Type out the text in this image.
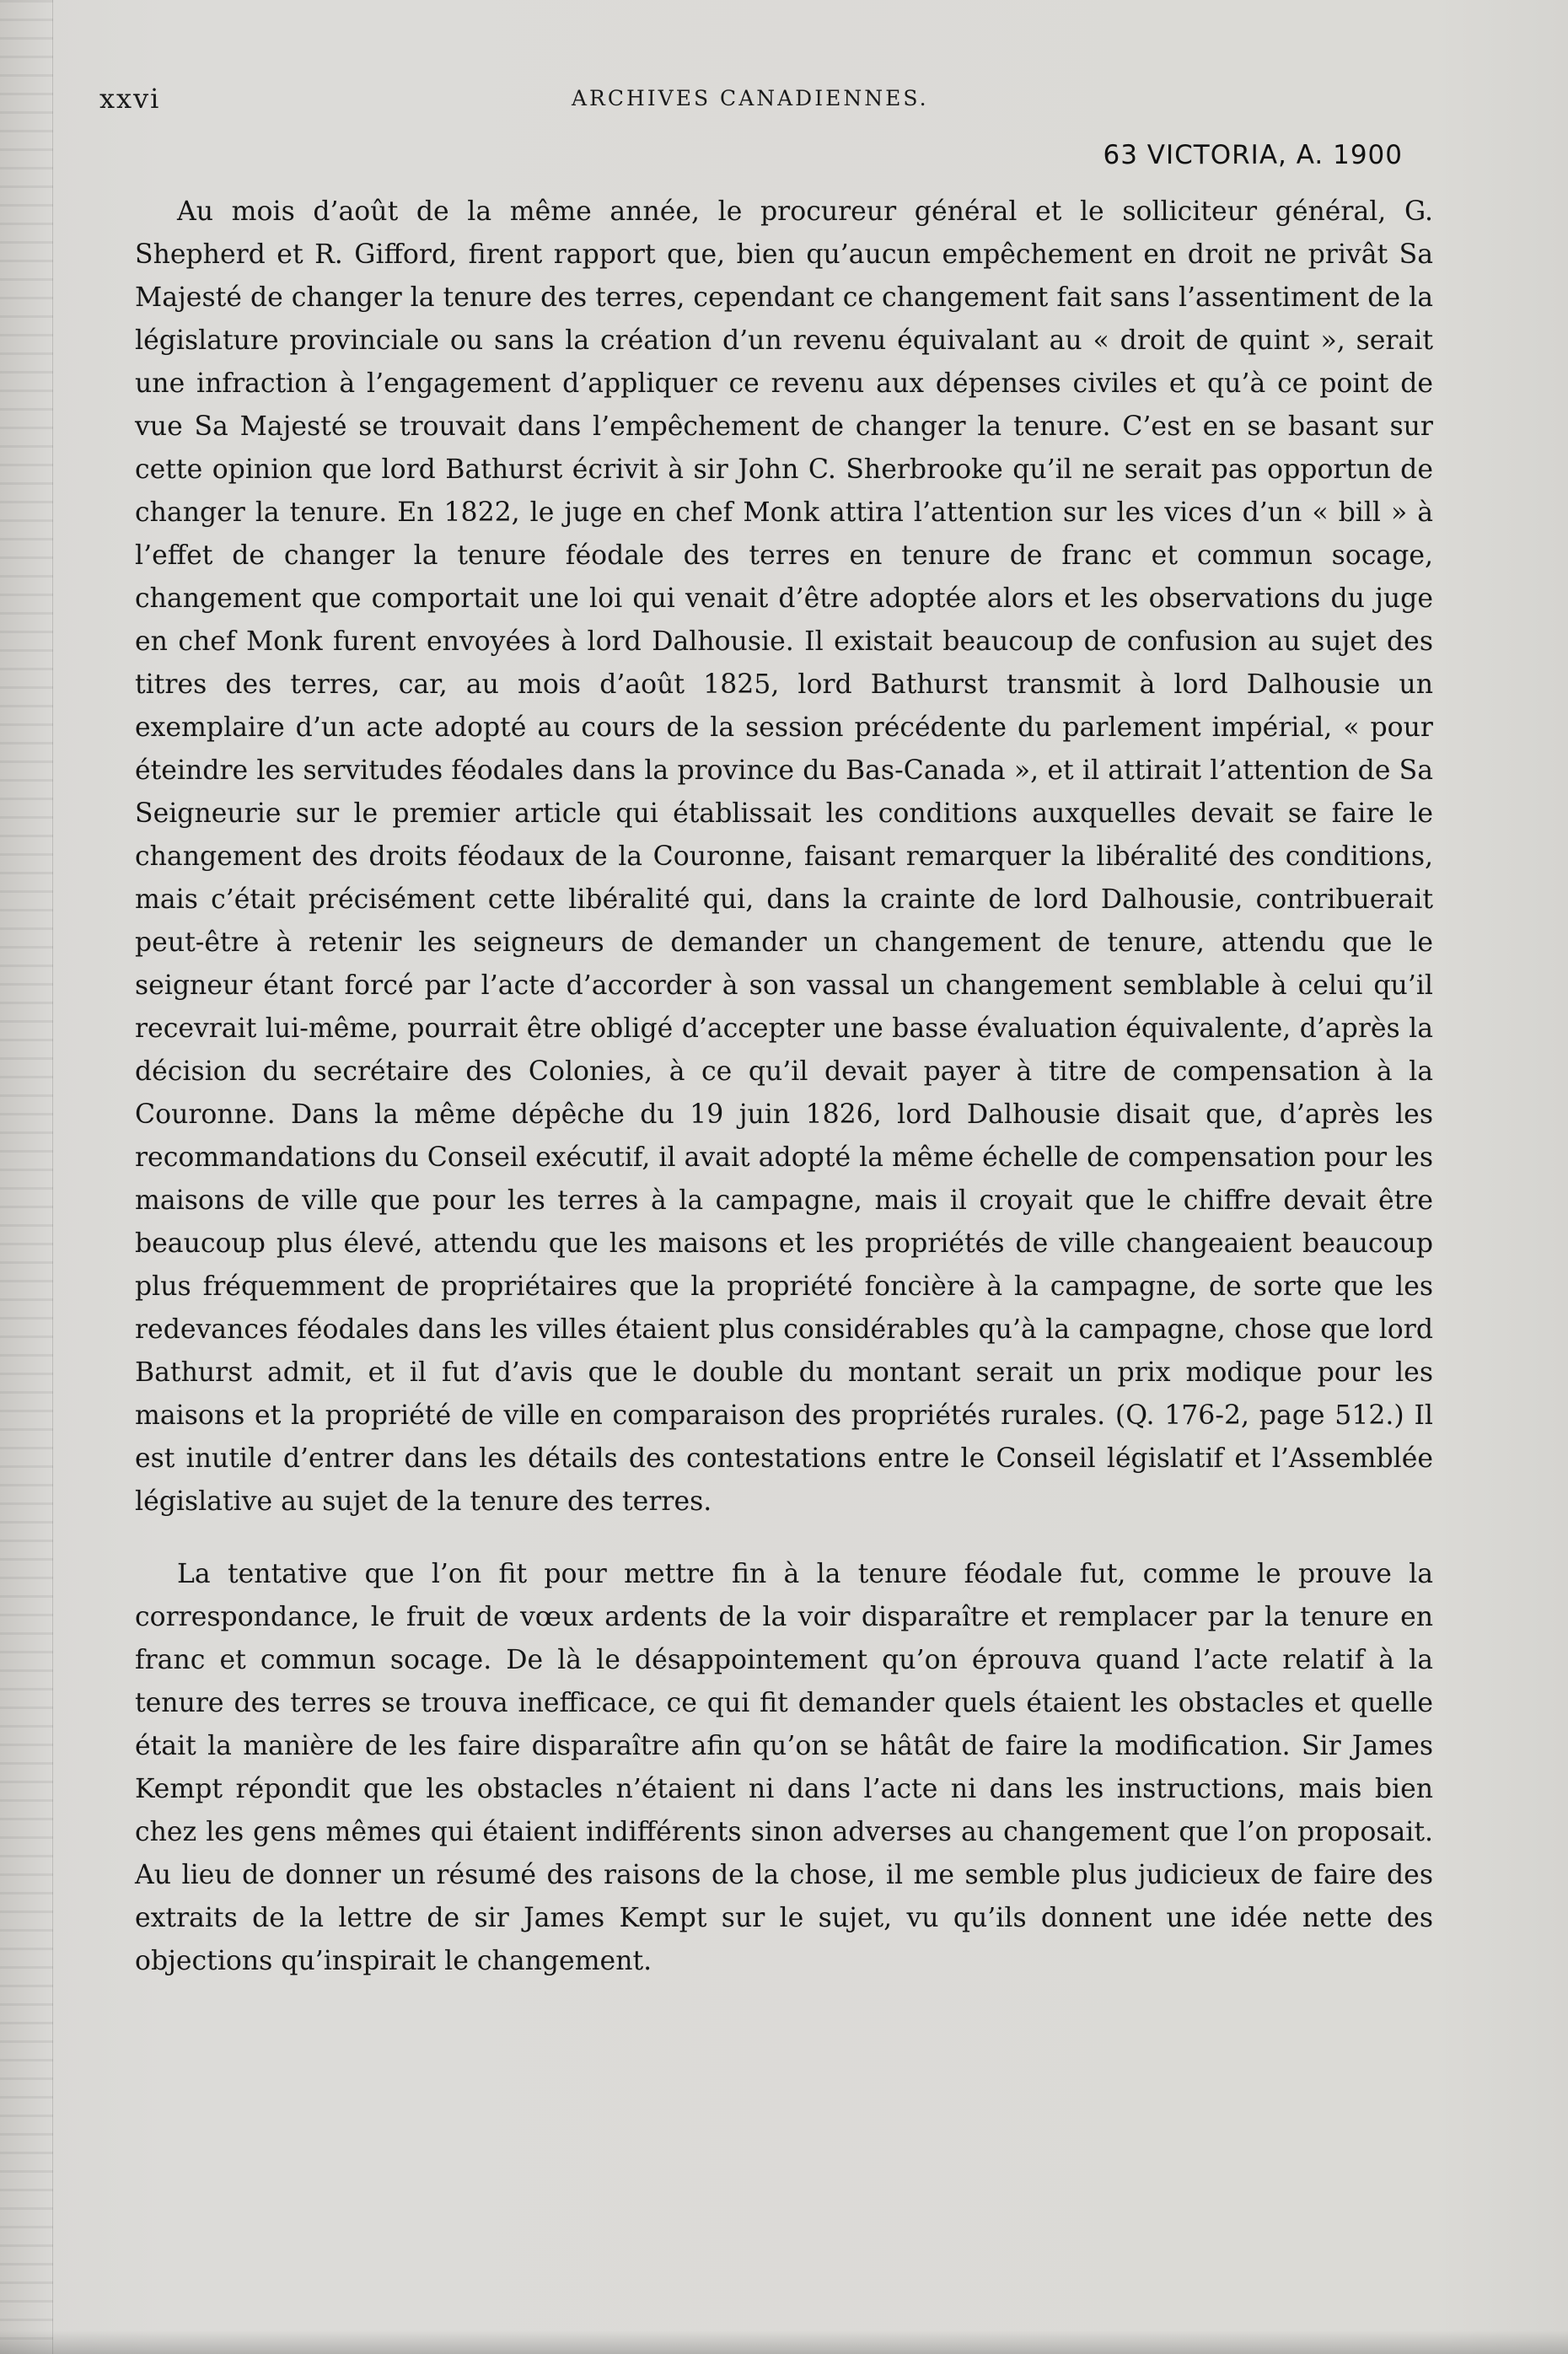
xxvi	ARCHIVES CANADIENNES.
63 VICTORIA, A. 1900

Au mois d’août de la même année, le procureur général et le solliciteur général, G. Shepherd et R. Gifford, firent rapport que, bien qu’aucun empêchement en droit ne privât Sa Majesté de changer la tenure des terres, cependant ce changement fait sans l’assentiment de la législature provinciale ou sans la création d’un revenu équivalant au « droit de quint », serait une infraction à l’engagement d’appliquer ce revenu aux dépenses civiles et qu’à ce point de vue Sa Majesté se trouvait dans l’empêchement de changer la tenure. C’est en se basant sur cette opinion que lord Bathurst écrivit à sir John C. Sherbrooke qu’il ne serait pas opportun de changer la tenure. En 1822, le juge en chef Monk attira l’attention sur les vices d’un « bill » à l’effet de changer la tenure féodale des terres en tenure de franc et commun socage, changement que comportait une loi qui venait d’être adoptée alors et les observations du juge en chef Monk furent envoyées à lord Dalhousie. Il existait beaucoup de confusion au sujet des titres des terres, car, au mois d’août 1825, lord Bathurst transmit à lord Dalhousie un exemplaire d’un acte adopté au cours de la session précédente du parlement impérial, « pour éteindre les servitudes féodales dans la province du Bas-Canada », et il attirait l’attention de Sa Seigneurie sur le premier article qui établissait les conditions auxquelles devait se faire le changement des droits féodaux de la Couronne, faisant remarquer la libéralité des conditions, mais c’était précisément cette libéralité qui, dans la crainte de lord Dalhousie, contribuerait peut-être à retenir les seigneurs de demander un changement de tenure, attendu que le seigneur étant forcé par l’acte d’accorder à son vassal un changement semblable à celui qu’il recevrait lui-même, pourrait être obligé d’accepter une basse évaluation équivalente, d’après la décision du secrétaire des Colonies, à ce qu’il devait payer à titre de compensation à la Couronne. Dans la même dépêche du 19 juin 1826, lord Dalhousie disait que, d’après les recommandations du Conseil exécutif, il avait adopté la même échelle de compensation pour les maisons de ville que pour les terres à la campagne, mais il croyait que le chiffre devait être beaucoup plus élevé, attendu que les maisons et les propriétés de ville changeaient beaucoup plus fréquemment de propriétaires que la propriété foncière à la campagne, de sorte que les redevances féodales dans les villes étaient plus considérables qu’à la campagne, chose que lord Bathurst admit, et il fut d’avis que le double du montant serait un prix modique pour les maisons et la propriété de ville en comparaison des propriétés rurales. (Q. 176-2, page 512.) Il est inutile d’entrer dans les détails des contestations entre le Conseil législatif et l’Assemblée législative au sujet de la tenure des terres.

La tentative que l’on fit pour mettre fin à la tenure féodale fut, comme le prouve la correspondance, le fruit de vœux ardents de la voir disparaître et remplacer par la tenure en franc et commun socage. De là le désappointement qu’on éprouva quand l’acte relatif à la tenure des terres se trouva inefficace, ce qui fit demander quels étaient les obstacles et quelle était la manière de les faire disparaître afin qu’on se hâtât de faire la modification. Sir James Kempt répondit que les obstacles n’étaient ni dans l’acte ni dans les instructions, mais bien chez les gens mêmes qui étaient indifférents sinon adverses au changement que l’on proposait. Au lieu de donner un résumé des raisons de la chose, il me semble plus judicieux de faire des extraits de la lettre de sir James Kempt sur le sujet, vu qu’ils donnent une idée nette des objections qu’inspirait le changement.
